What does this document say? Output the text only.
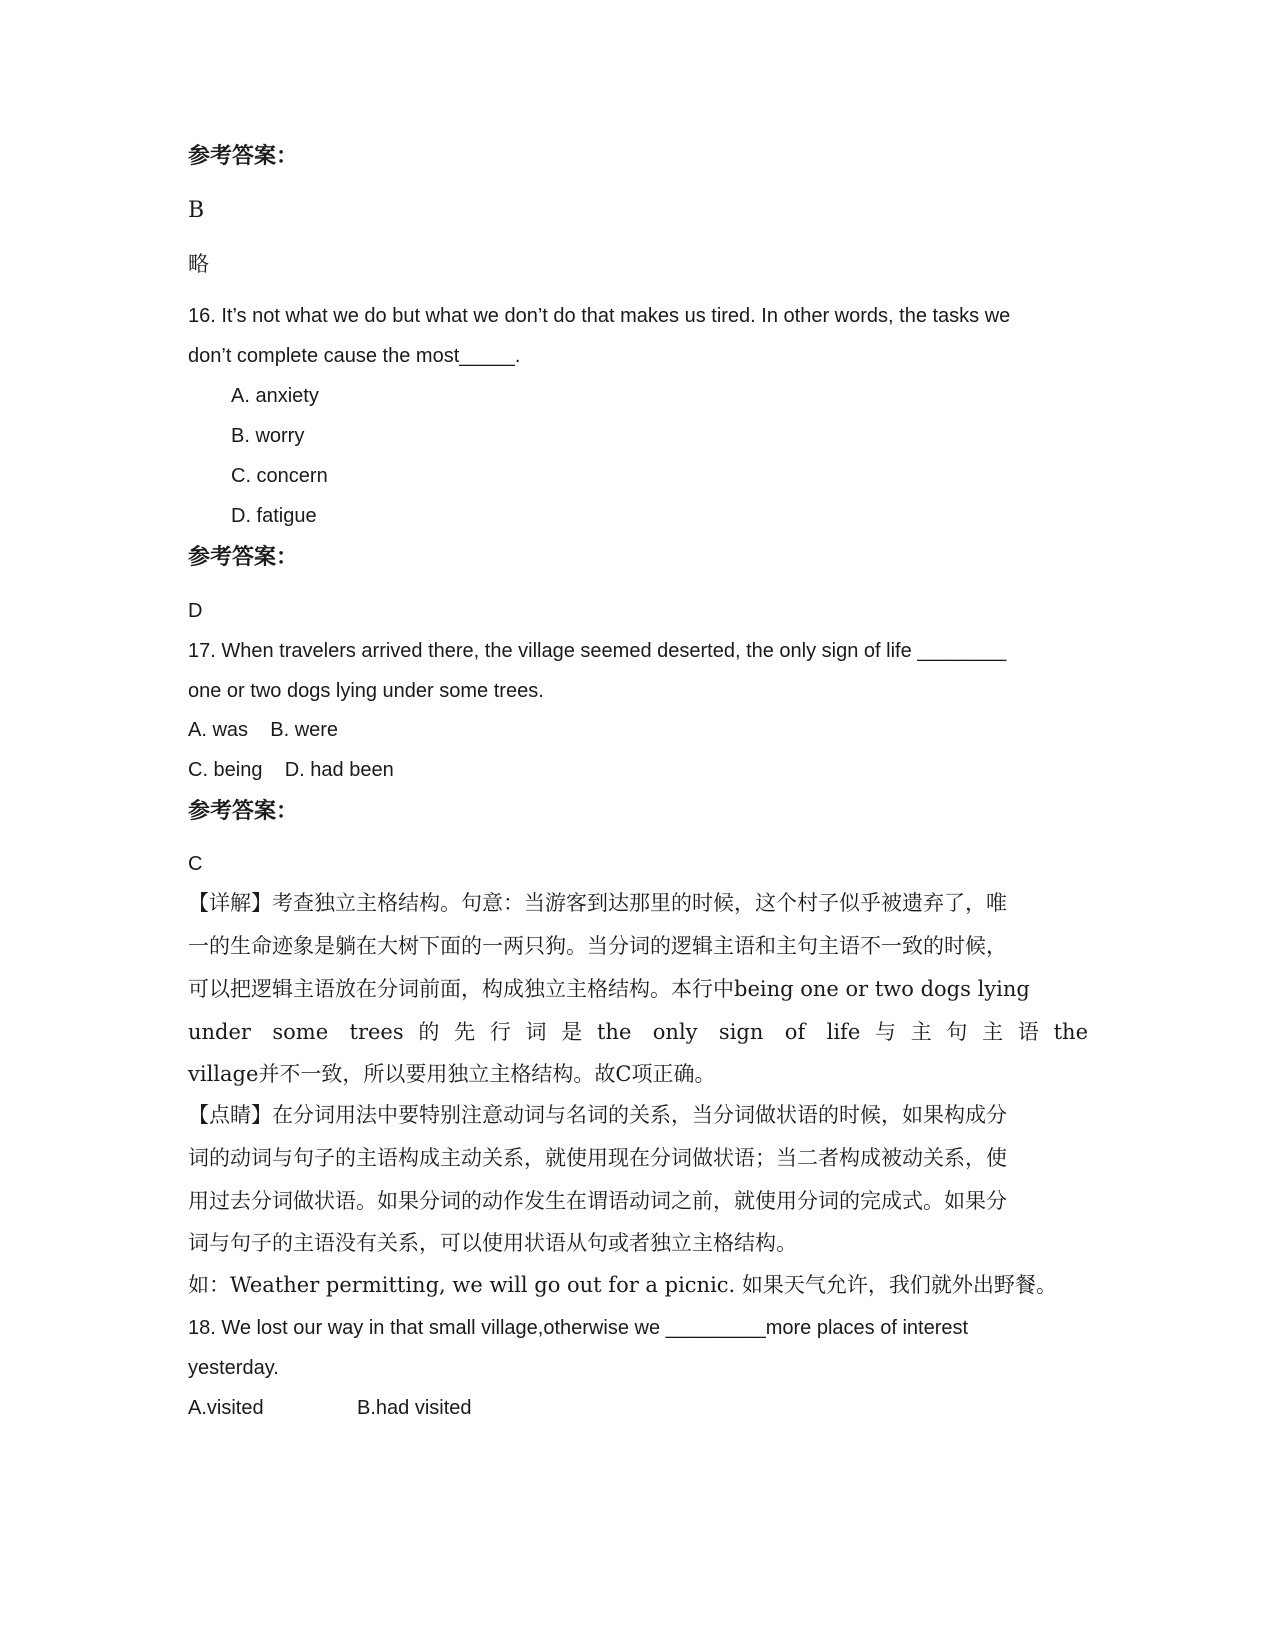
参考答案：
B
略
16. It’s not what we do but what we don’t do that makes us tired. In other words, the tasks we
don’t complete cause the most_____.
A. anxiety
B. worry
C. concern
D. fatigue
参考答案：
D
17. When travelers arrived there, the village seemed deserted, the only sign of life ________
one or two dogs lying under some trees.
A. was    B. were
C. being    D. had been
参考答案：
C
【详解】考查独立主格结构。句意：当游客到达那里的时候，这个村子似乎被遗弃了，唯
一的生命迹象是躺在大树下面的一两只狗。当分词的逻辑主语和主句主语不一致的时候，
可以把逻辑主语放在分词前面，构成独立主格结构。本行中being one or two dogs lying
under some trees的先行词是the only sign of life与主句主语the
village并不一致，所以要用独立主格结构。故C项正确。
【点睛】在分词用法中要特别注意动词与名词的关系，当分词做状语的时候，如果构成分
词的动词与句子的主语构成主动关系，就使用现在分词做状语；当二者构成被动关系，使
用过去分词做状语。如果分词的动作发生在谓语动词之前，就使用分词的完成式。如果分
词与句子的主语没有关系，可以使用状语从句或者独立主格结构。
如：Weather permitting, we will go out for a picnic. 如果天气允许，我们就外出野餐。
18. We lost our way in that small village,otherwise we _________more places of interest
yesterday.
A.visited	B.had visited
